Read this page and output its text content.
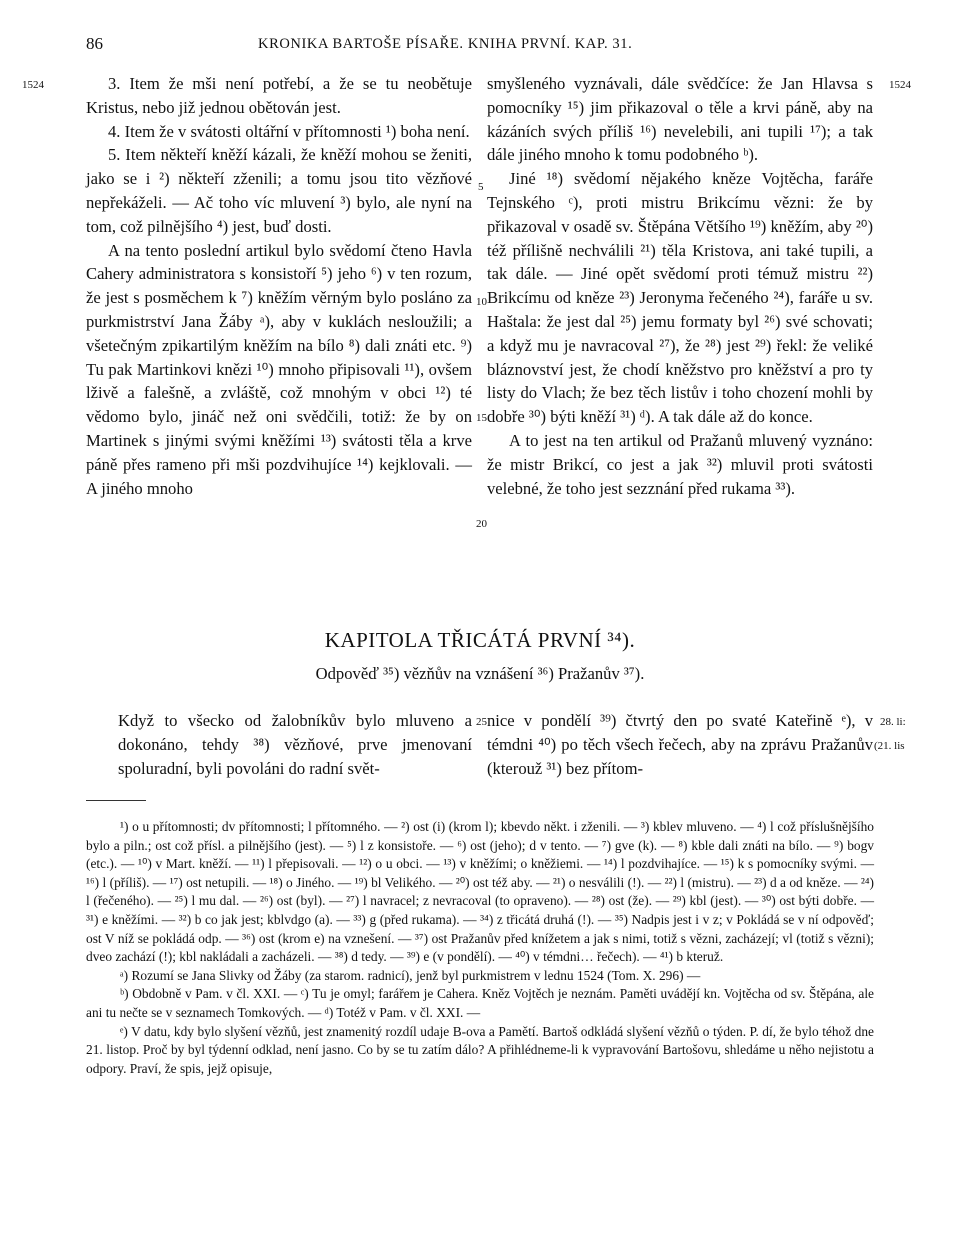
86	KRONIKA BARTOŠE PÍSAŘE. KNIHA PRVNÍ. KAP. 31.
1524	1524
5
10
15
20
25	28. li:
(21. lis

3. Item že mši není potřebí, a že se tu neobětuje Kristus, nebo již jednou obětován jest.

4. Item že v svátosti oltářní v přítomnosti ¹) boha není.

5. Item někteří kněží kázali, že kněží mohou se ženiti, jako se i ²) někteří zženili; a tomu jsou tito vězňové nepřekáželi. — Ač toho víc mluvení ³) bylo, ale nyní na tom, což pilnějšího ⁴) jest, buď dosti.

A na tento poslední artikul bylo svědomí čteno Havla Cahery administratora s konsistoří ⁵) jeho ⁶) v ten rozum, že jest s posměchem k ⁷) kněžím věrným bylo posláno za purkmistrství Jana Žáby ᵃ), aby v kuklách nesloužili; a všetečným zpikartilým kněžím na bílo ⁸) dali znáti etc. ⁹) Tu pak Martinkovi knězi ¹⁰) mnoho připisovali ¹¹), ovšem lživě a falešně, a zvláště, což mnohým v obci ¹²) té vědomo bylo, jináč než oni svědčili, totiž: že by on Martinek s jinými svými kněžími ¹³) svátosti těla a krve páně přes rameno při mši pozdvihujíce ¹⁴) kejklovali. — A jiného mnoho

smyšleného vyznávali, dále svědčíce: že Jan Hlavsa s pomocníky ¹⁵) jim přikazoval o těle a krvi páně, aby na kázáních svých příliš ¹⁶) nevelebili, ani tupili ¹⁷); a tak dále jiného mnoho k tomu podobného ᵇ).

Jiné ¹⁸) svědomí nějakého kněze Vojtěcha, faráře Tejnského ᶜ), proti mistru Brikcímu vězni: že by přikazoval v osadě sv. Štěpána Většího ¹⁹) kněžím, aby ²⁰) též přílišně nechválili ²¹) těla Kristova, ani také tupili, a tak dále. — Jiné opět svědomí proti témuž mistru ²²) Brikcímu od kněze ²³) Jeronyma řečeného ²⁴), faráře u sv. Haštala: že jest dal ²⁵) jemu formaty byl ²⁶) své schovati; a když mu je navracoval ²⁷), že ²⁸) jest ²⁹) řekl: že veliké bláznovství jest, že chodí kněžstvo pro kněžství a pro ty listy do Vlach; že bez těch listův i toho chození mohli by dobře ³⁰) býti kněží ³¹) ᵈ). A tak dále až do konce.

A to jest na ten artikul od Pražanů mluvený vyznáno: že mistr Brikcí, co jest a jak ³²) mluvil proti svátosti velebné, že toho jest sezznání před rukama ³³).

KAPITOLA TŘICÁTÁ PRVNÍ ³⁴).
Odpověď ³⁵) vězňův na vznášení ³⁶) Pražanův ³⁷).

Když to všecko od žalobníkův bylo mluveno a dokonáno, tehdy ³⁸) vězňové, prve jmenovaní spoluradní, byli povoláni do radní svět-

nice v pondělí ³⁹) čtvrtý den po svaté Kateřině ᵉ), v témdni ⁴⁰) po těch všech řečech, aby na zprávu Pražanův (kterouž ³¹) bez přítom-

¹) o u přítomnosti; dv přítomnosti; l přítomného. — ²) ost (i) (krom l); kbevdo někt. i zženili. — ³) kblev mluveno. — ⁴) l což příslušnějšího bylo a piln.; ost což přísl. a pilnějšího (jest). — ⁵) l z konsistoře. — ⁶) ost (jeho); d v tento. — ⁷) gve (k). — ⁸) kble dali znáti na bílo. — ⁹) bogv (etc.). — ¹⁰) v Mart. kněží. — ¹¹) l přepisovali. — ¹²) o u obci. — ¹³) v kněžími; o kněžiemi. — ¹⁴) l pozdvihajíce. — ¹⁵) k s pomocníky svými. — ¹⁶) l (příliš). — ¹⁷) ost netupili. — ¹⁸) o Jiného. — ¹⁹) bl Velikého. — ²⁰) ost též aby. — ²¹) o nesválili (!). — ²²) l (mistru). — ²³) d a od kněze. — ²⁴) l (řečeného). — ²⁵) l mu dal. — ²⁶) ost (byl). — ²⁷) l navracel; z nevracoval (to opraveno). — ²⁸) ost (že). — ²⁹) kbl (jest). — ³⁰) ost býti dobře. — ³¹) e kněžími. — ³²) b co jak jest; kblvdgo (a). — ³³) g (před rukama). — ³⁴) z třicátá druhá (!). — ³⁵) Nadpis jest i v z; v Pokládá se v ní odpověď; ost V níž se pokládá odp. — ³⁶) ost (krom e) na vznešení. — ³⁷) ost Pražanův před knížetem a jak s nimi, totiž s vězni, zacházejí; vl (totiž s vězni); dveo zachází (!); kbl nakládali a zacházeli. — ³⁸) d tedy. — ³⁹) e (v pondělí). — ⁴⁰) v témdni… řečech). — ⁴¹) b kteruž.

ᵃ) Rozumí se Jana Slivky od Žáby (za starom. radnicí), jenž byl purkmistrem v lednu 1524 (Tom. X. 296) —

ᵇ) Obdobně v Pam. v čl. XXI. — ᶜ) Tu je omyl; farářem je Cahera. Kněz Vojtěch je neznám. Paměti uvádějí kn. Vojtěcha od sv. Štěpána, ale ani tu nečte se v seznamech Tomkových. — ᵈ) Totéž v Pam. v čl. XXI. —

ᵉ) V datu, kdy bylo slyšení vězňů, jest znamenitý rozdíl udaje B-ova a Pamětí. Bartoš odkládá slyšení vězňů o týden. P. dí, že bylo téhož dne 21. listop. Proč by byl týdenní odklad, není jasno. Co by se tu zatím dálo? A přihlédneme-li k vypravování Bartošovu, shledáme u něho nejistotu a odpory. Praví, že spis, jejž opisuje,
